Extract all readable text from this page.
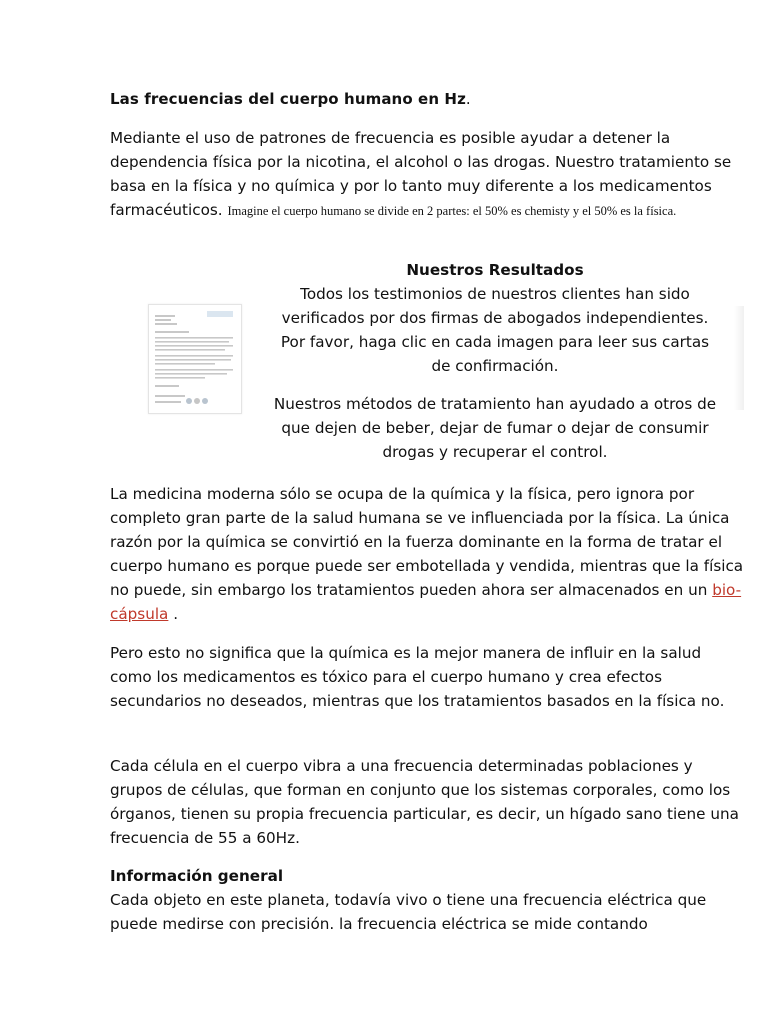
Las frecuencias del cuerpo humano en Hz.

Mediante el uso de patrones de frecuencia es posible ayudar a detener la dependencia física por la nicotina, el alcohol o las drogas. Nuestro tratamiento se basa en la física y no química y por lo tanto muy diferente a los medicamentos farmacéuticos. Imagine el cuerpo humano se divide en 2 partes: el 50% es chemisty y el 50% es la física.

Nuestros Resultados
Todos los testimonios de nuestros clientes han sido verificados por dos firmas de abogados independientes. Por favor, haga clic en cada imagen para leer sus cartas de confirmación.
Nuestros métodos de tratamiento han ayudado a otros de que dejen de beber, dejar de fumar o dejar de consumir drogas y recuperar el control.

La medicina moderna sólo se ocupa de la química y la física, pero ignora por completo gran parte de la salud humana se ve influenciada por la física. La única razón por la química se convirtió en la fuerza dominante en la forma de tratar el cuerpo humano es porque puede ser embotellada y vendida, mientras que la física no puede, sin embargo los tratamientos pueden ahora ser almacenados en un bio-cápsula .

Pero esto no significa que la química es la mejor manera de influir en la salud como los medicamentos es tóxico para el cuerpo humano y crea efectos secundarios no deseados, mientras que los tratamientos basados en la física no.

Cada célula en el cuerpo vibra a una frecuencia determinadas poblaciones y grupos de células, que forman en conjunto que los sistemas corporales, como los órganos, tienen su propia frecuencia particular, es decir, un hígado sano tiene una frecuencia de 55 a 60Hz.

Información general
Cada objeto en este planeta, todavía vivo o tiene una frecuencia eléctrica que puede medirse con precisión. la frecuencia eléctrica se mide contando
